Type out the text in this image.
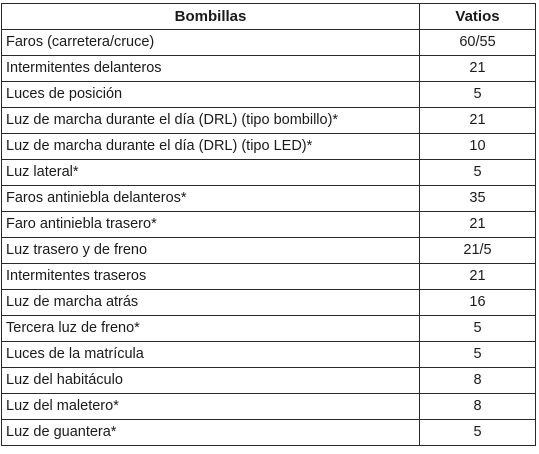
Bombillas	Vatios
Faros (carretera/cruce)	60/55
Intermitentes delanteros	21
Luces de posición	5
Luz de marcha durante el día (DRL) (tipo bombillo)*	21
Luz de marcha durante el día (DRL) (tipo LED)*	10
Luz lateral*	5
Faros antiniebla delanteros*	35
Faro antiniebla trasero*	21
Luz trasero y de freno	21/5
Intermitentes traseros	21
Luz de marcha atrás	16
Tercera luz de freno*	5
Luces de la matrícula	5
Luz del habitáculo	8
Luz del maletero*	8
Luz de guantera*	5
